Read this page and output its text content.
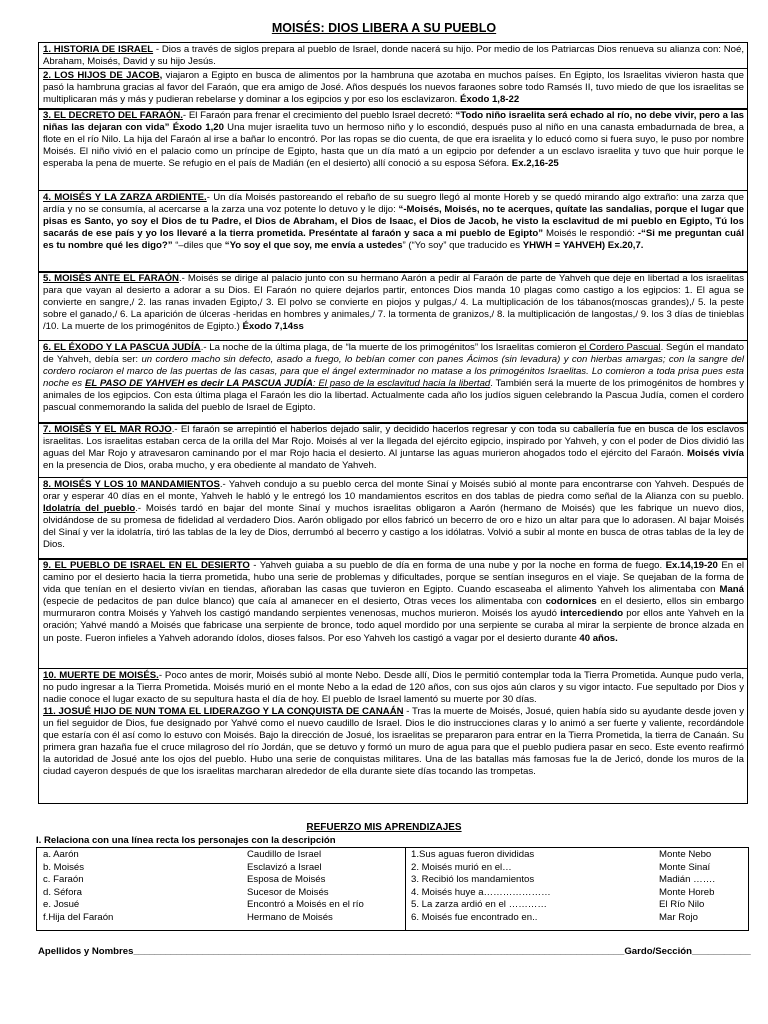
MOISÉS: DIOS LIBERA A SU PUEBLO
1. HISTORIA DE ISRAEL - Dios a través de siglos prepara al pueblo de Israel, donde nacerá su hijo. Por medio de los Patriarcas Dios renueva su alianza con: Noé, Abraham, Moisés, David y su hijo Jesús.
2. LOS HIJOS DE JACOB, viajaron a Egipto en busca de alimentos por la hambruna que azotaba en muchos países. En Egipto, los Israelitas vivieron hasta que pasó la hambruna gracias al favor del Faraón, que era amigo de José. Años después los nuevos faraones sobre todo Ramsés II, tuvo miedo de que los israelitas se multiplicaran más y más y pudieran rebelarse y dominar a los egipcios y por eso los esclavizaron. Éxodo 1,8-22
3. EL DECRETO DEL FARAÓN.- El Faraón para frenar el crecimiento del pueblo Israel decretó: “Todo niño israelita será echado al río, no debe vivir, pero a las niñas las dejaran con vida” Éxodo 1,20 Una mujer israelita tuvo un hermoso niño y lo escondió, después puso al niño en una canasta embadurnada de brea, a flote en el río Nilo. La hija del Faraón al irse a bañar lo encontró. Por las ropas se dio cuenta, de que era israelita y lo educó como si fuera suyo, le puso por nombre Moisés. El niño vivió en el palacio como un príncipe de Egipto, hasta que un día mató a un egipcio por defender a un esclavo israelita y tuvo que huir porque le esperaba la pena de muerte. Se refugio en el país de Madián (en el desierto) allí conoció a su esposa Séfora. Ex.2,16-25
4. MOISÉS Y LA ZARZA ARDIENTE.- Un día Moisés pastoreando el rebaño de su suegro llegó al monte Horeb y se quedó mirando algo extraño: una zarza que ardía y no se consumía, al acercarse a la zarza una voz potente lo detuvo y le dijo: “-Moisés, Moisés, no te acerques, quítate las sandalias, porque el lugar que pisas es Santo, yo soy el Dios de tu Padre, el Dios de Abraham, el Dios de Isaac, el Dios de Jacob, he visto la esclavitud de mi pueblo en Egipto, Tú los sacarás de ese país y yo los llevaré a la tierra prometida. Preséntate al faraón y saca a mi pueblo de Egipto” Moisés le respondió: -“Si me preguntan cuál es tu nombre qué les digo?” “–diles que “Yo soy el que soy, me envía a ustedes” (“Yo soy” que traducido es YHWH = YAHVEH) Ex.20,7.
5. MOISÉS ANTE EL FARAÓN.- Moisés se dirige al palacio junto con su hermano Aarón a pedir al Faraón de parte de Yahveh que deje en libertad a los israelitas para que vayan al desierto a adorar a su Dios. El Faraón no quiere dejarlos partir, entonces Dios manda 10 plagas como castigo a los egipcios: 1. El agua se convierte en sangre,/ 2. las ranas invaden Egipto,/ 3. El polvo se convierte en piojos y pulgas,/ 4. La multiplicación de los tábanos(moscas grandes),/ 5. la peste sobre el ganado,/ 6. La aparición de úlceras -heridas en hombres y animales,/ 7. la tormenta de granizos,/ 8. la multiplicación de langostas,/ 9. los 3 días de tinieblas /10. La muerte de los primogénitos de Egipto.) Éxodo 7,14ss
6. EL ÉXODO Y LA PASCUA JUDÍA.- La noche de la última plaga, de “la muerte de los primogénitos” los Israelitas comieron el Cordero Pascual. Según el mandato de Yahveh, debía ser: un cordero macho sin defecto, asado a fuego, lo bebían comer con panes Ácimos (sin levadura) y con hierbas amargas; con la sangre del cordero rociaron el marco de las puertas de las casas, para que el ángel exterminador no matase a los primogénitos Israelitas. Lo comieron a toda prisa pues esta noche es EL PASO DE YAHVEH es decir LA PASCUA JUDÍA: El paso de la esclavitud hacia la libertad. También será la muerte de los primogénitos de hombres y animales de los egipcios. Con esta última plaga el Faraón les dio la libertad. Actualmente cada año los judíos siguen celebrando la Pascua Judía, comen el cordero pascual conmemorando la salida del pueblo de Israel de Egipto.
7. MOISÉS Y EL MAR ROJO.- El faraón se arrepintió el haberlos dejado salir, y decidido hacerlos regresar y con toda su caballería fue en busca de los esclavos israelitas. Los israelitas estaban cerca de la orilla del Mar Rojo. Moisés al ver la llegada del ejército egipcio, inspirado por Yahveh, y con el poder de Dios dividió las aguas del Mar Rojo y atravesaron caminando por el mar Rojo hacia el desierto. Al juntarse las aguas murieron ahogados todo el ejército del Faraón. Moisés vivía en la presencia de Dios, oraba mucho, y era obediente al mandato de Yahveh.
8. MOISÉS Y LOS 10 MANDAMIENTOS.- Yahveh condujo a su pueblo cerca del monte Sinaí y Moisés subió al monte para encontrarse con Yahveh. Después de orar y esperar 40 días en el monte, Yahveh le habló y le entregó los 10 mandamientos escritos en dos tablas de piedra como señal de la Alianza con su pueblo. Idolatría del pueblo.- Moisés tardó en bajar del monte Sinaí y muchos israelitas obligaron a Aarón (hermano de Moisés) que les fabrique un nuevo dios, olvidándose de su promesa de fidelidad al verdadero Dios. Aarón obligado por ellos fabricó un becerro de oro e hizo un altar para que lo adorasen. Al bajar Moisés del Sinaí y ver la idolatría, tiró las tablas de la ley de Dios, derrumbó al becerro y castigo a los idólatras. Volvió a subir al monte en busca de otras tablas de la ley de Dios.
9. EL PUEBLO DE ISRAEL EN EL DESIERTO - Yahveh guiaba a su pueblo de día en forma de una nube y por la noche en forma de fuego. Ex.14,19-20 En el camino por el desierto hacia la tierra prometida, hubo una serie de problemas y dificultades, porque se sentían inseguros en el viaje. Se quejaban de la forma de vida que tenían en el desierto vivían en tiendas, añoraban las casas que tuvieron en Egipto. Cuando escaseaba el alimento Yahveh los alimentaba con Maná (especie de pedacitos de pan dulce blanco) que caía al amanecer en el desierto, Otras veces los alimentaba con codornices en el desierto, ellos sin embargo murmuraron contra Moisés y Yahveh los castigó mandando serpientes venenosas, muchos murieron. Moisés los ayudó intercediendo por ellos ante Yahveh en la oración; Yahvé mandó a Moisés que fabricase una serpiente de bronce, todo aquel mordido por una serpiente se curaba al mirar la serpiente de bronce alzada en un poste. Fueron infieles a Yahveh adorando ídolos, dioses falsos. Por eso Yahveh los castigó a vagar por el desierto durante 40 años.
10. MUERTE DE MOISÉS.- Poco antes de morir, Moisés subió al monte Nebo. Desde allí, Dios le permitió contemplar toda la Tierra Prometida. Aunque pudo verla, no pudo ingresar a la Tierra Prometida. Moisés murió en el monte Nebo a la edad de 120 años, con sus ojos aún claros y su vigor intacto. Fue sepultado por Dios y nadie conoce el lugar exacto de su sepultura hasta el día de hoy. El pueblo de Israel lamentó su muerte por 30 días.
11. JOSUÉ HIJO DE NUN TOMA EL LIDERAZGO Y LA CONQUISTA DE CANAÁN - Tras la muerte de Moisés, Josué, quien había sido su ayudante desde joven y un fiel seguidor de Dios, fue designado por Yahvé como el nuevo caudillo de Israel. Dios le dio instrucciones claras y lo animó a ser fuerte y valiente, recordándole que estaría con él así como lo estuvo con Moisés. Bajo la dirección de Josué, los israelitas se prepararon para entrar en la Tierra Prometida, la tierra de Canaán. Su primera gran hazaña fue el cruce milagroso del río Jordán, que se detuvo y formó un muro de agua para que el pueblo pudiera pasar en seco. Este evento reafirmó la autoridad de Josué ante los ojos del pueblo. Hubo una serie de conquistas militares. Una de las batallas más famosas fue la de Jericó, donde los muros de la ciudad cayeron después de que los israelitas marcharan alrededor de ella durante siete días tocando las trompetas.
REFUERZO MIS APRENDIZAJES
I. Relaciona con una línea recta los personajes con la descripción
a. Aarón
b. Moisés
c. Faraón
d. Séfora
e. Josué
f.Hija del Faraón
Caudillo de Israel
Esclavizó a Israel
Esposa de Moisés
Sucesor de Moisés
Encontró a Moisés en el río
Hermano de Moisés
1.Sus aguas fueron divididas
2. Moisés murió en el…
3. Recibió los mandamientos
4. Moisés huye a…………………
5. La zarza ardió en el …………
6. Moisés fue encontrado en..
Monte Nebo
Monte Sinaí
Madián …….
Monte Horeb
El Río Nilo
Mar Rojo
Apellidos y Nombres____________________________________________________________________________________________Gardo/Sección___________
